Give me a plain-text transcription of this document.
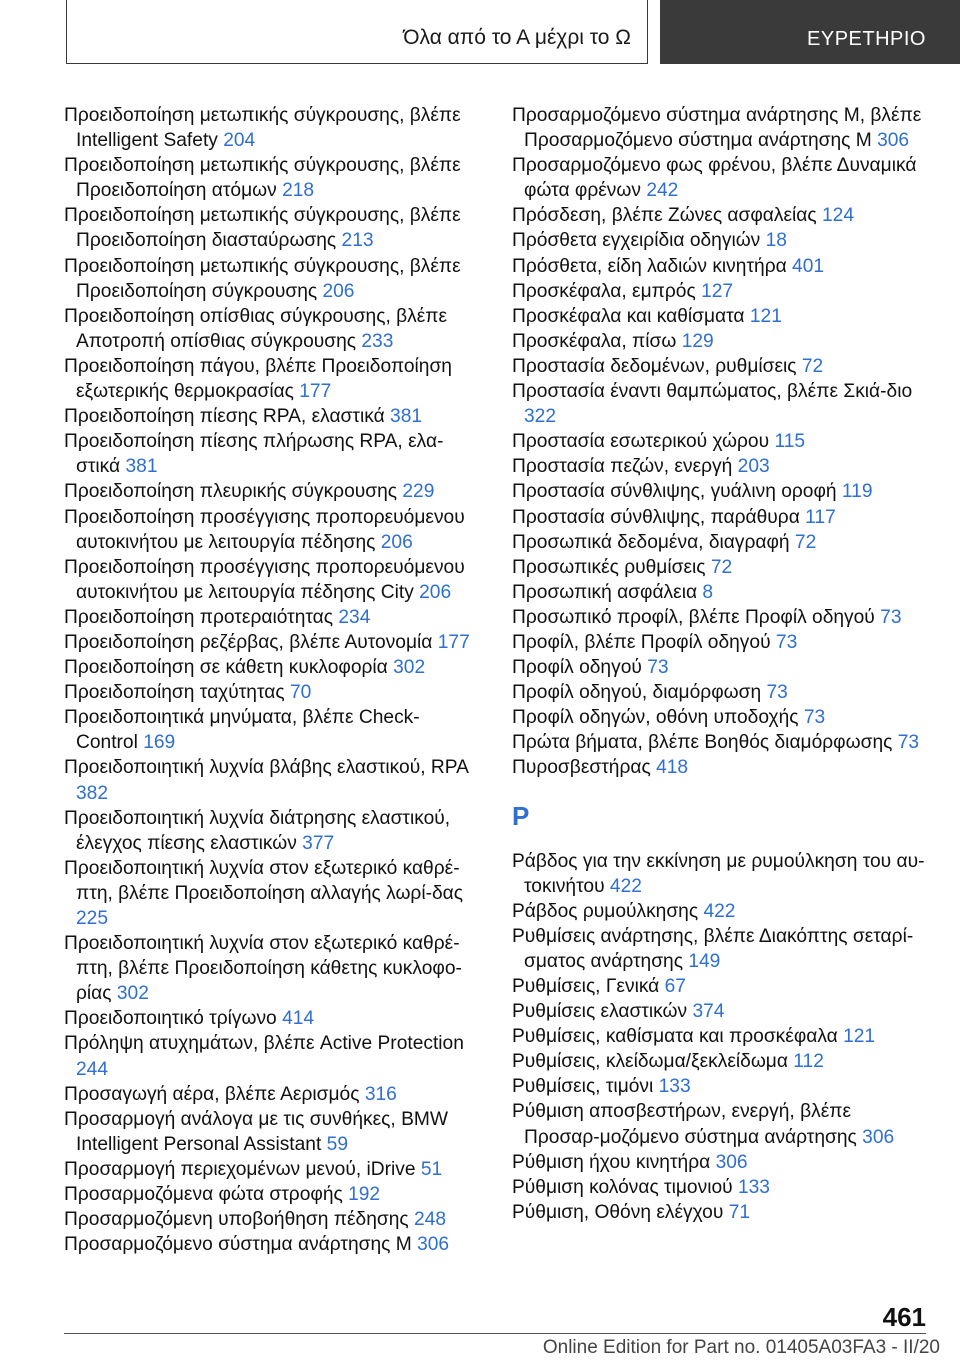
Όλα από το Α μέχρι το Ω	ΕΥΡΕΤΗΡΙΟ

Προειδοποίηση μετωπικής σύγκρουσης, βλέπε Intelligent Safety 204

Προειδοποίηση μετωπικής σύγκρουσης, βλέπε Προειδοποίηση ατόμων 218

Προειδοποίηση μετωπικής σύγκρουσης, βλέπε Προειδοποίηση διασταύρωσης 213

Προειδοποίηση μετωπικής σύγκρουσης, βλέπε Προειδοποίηση σύγκρουσης 206

Προειδοποίηση οπίσθιας σύγκρουσης, βλέπε Αποτροπή οπίσθιας σύγκρουσης 233

Προειδοποίηση πάγου, βλέπε Προειδοποίηση εξωτερικής θερμοκρασίας 177

Προειδοποίηση πίεσης RPA, ελαστικά 381

Προειδοποίηση πίεσης πλήρωσης RPA, ελα-στικά 381

Προειδοποίηση πλευρικής σύγκρουσης 229

Προειδοποίηση προσέγγισης προπορευόμενου αυτοκινήτου με λειτουργία πέδησης 206

Προειδοποίηση προσέγγισης προπορευόμενου αυτοκινήτου με λειτουργία πέδησης City 206

Προειδοποίηση προτεραιότητας 234

Προειδοποίηση ρεζέρβας, βλέπε Αυτονομία 177

Προειδοποίηση σε κάθετη κυκλοφορία 302

Προειδοποίηση ταχύτητας 70

Προειδοποιητικά μηνύματα, βλέπε Check-Control 169

Προειδοποιητική λυχνία βλάβης ελαστικού, RPA 382

Προειδοποιητική λυχνία διάτρησης ελαστικού, έλεγχος πίεσης ελαστικών 377

Προειδοποιητική λυχνία στον εξωτερικό καθρέ-πτη, βλέπε Προειδοποίηση αλλαγής λωρί-δας 225

Προειδοποιητική λυχνία στον εξωτερικό καθρέ-πτη, βλέπε Προειδοποίηση κάθετης κυκλοφο-ρίας 302

Προειδοποιητικό τρίγωνο 414

Πρόληψη ατυχημάτων, βλέπε Active Protection 244

Προσαγωγή αέρα, βλέπε Αερισμός 316

Προσαρμογή ανάλογα με τις συνθήκες, BMW Intelligent Personal Assistant 59

Προσαρμογή περιεχομένων μενού, iDrive 51

Προσαρμοζόμενα φώτα στροφής 192

Προσαρμοζόμενη υποβοήθηση πέδησης 248

Προσαρμοζόμενο σύστημα ανάρτησης M 306

Προσαρμοζόμενο σύστημα ανάρτησης M, βλέπε Προσαρμοζόμενο σύστημα ανάρτησης M 306

Προσαρμοζόμενο φως φρένου, βλέπε Δυναμικά φώτα φρένων 242

Πρόσδεση, βλέπε Ζώνες ασφαλείας 124

Πρόσθετα εγχειρίδια οδηγιών 18

Πρόσθετα, είδη λαδιών κινητήρα 401

Προσκέφαλα, εμπρός 127

Προσκέφαλα και καθίσματα 121

Προσκέφαλα, πίσω 129

Προστασία δεδομένων, ρυθμίσεις 72

Προστασία έναντι θαμπώματος, βλέπε Σκιά-διο 322

Προστασία εσωτερικού χώρου 115

Προστασία πεζών, ενεργή 203

Προστασία σύνθλιψης, γυάλινη οροφή 119

Προστασία σύνθλιψης, παράθυρα 117

Προσωπικά δεδομένα, διαγραφή 72

Προσωπικές ρυθμίσεις 72

Προσωπική ασφάλεια 8

Προσωπικό προφίλ, βλέπε Προφίλ οδηγού 73

Προφίλ, βλέπε Προφίλ οδηγού 73

Προφίλ οδηγού 73

Προφίλ οδηγού, διαμόρφωση 73

Προφίλ οδηγών, οθόνη υποδοχής 73

Πρώτα βήματα, βλέπε Βοηθός διαμόρφωσης 73

Πυροσβεστήρας 418

Ρ

Ράβδος για την εκκίνηση με ρυμούλκηση του αυ-τοκινήτου 422

Ράβδος ρυμούλκησης 422

Ρυθμίσεις ανάρτησης, βλέπε Διακόπτης σεταρί-σματος ανάρτησης 149

Ρυθμίσεις, Γενικά 67

Ρυθμίσεις ελαστικών 374

Ρυθμίσεις, καθίσματα και προσκέφαλα 121

Ρυθμίσεις, κλείδωμα/ξεκλείδωμα 112

Ρυθμίσεις, τιμόνι 133

Ρύθμιση αποσβεστήρων, ενεργή, βλέπε Προσαρ-μοζόμενο σύστημα ανάρτησης 306

Ρύθμιση ήχου κινητήρα 306

Ρύθμιση κολόνας τιμονιού 133

Ρύθμιση, Οθόνη ελέγχου 71

461
Online Edition for Part no. 01405A03FA3 - II/20
